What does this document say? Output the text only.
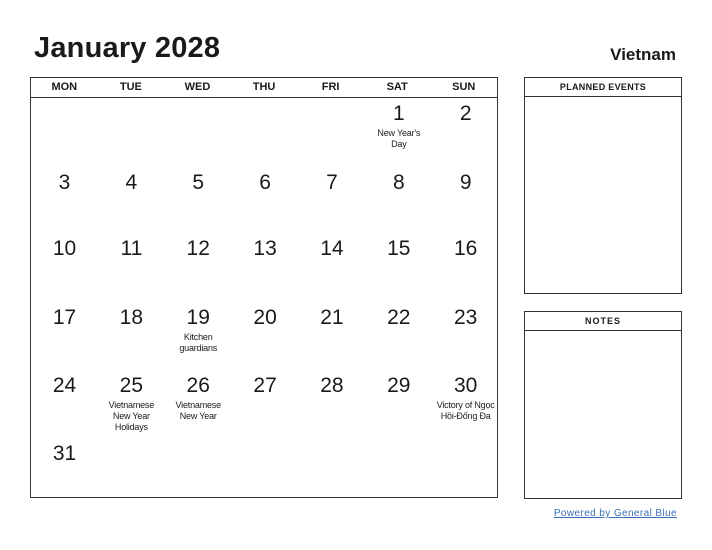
January 2028	Vietnam
MON	TUE	WED	THU	FRI	SAT	SUN
1
New Year's Day
2
3	4	5	6	7	8	9
10	11	12	13	14	15	16
17	18	19
Kitchen guardians
20	21	22	23
24	25
Vietnamese New Year Holidays
26
Vietnamese New Year
27	28	29	30
Victory of Ngọc Hồi-Đống Đa
31
PLANNED EVENTS
NOTES
Powered by General Blue
